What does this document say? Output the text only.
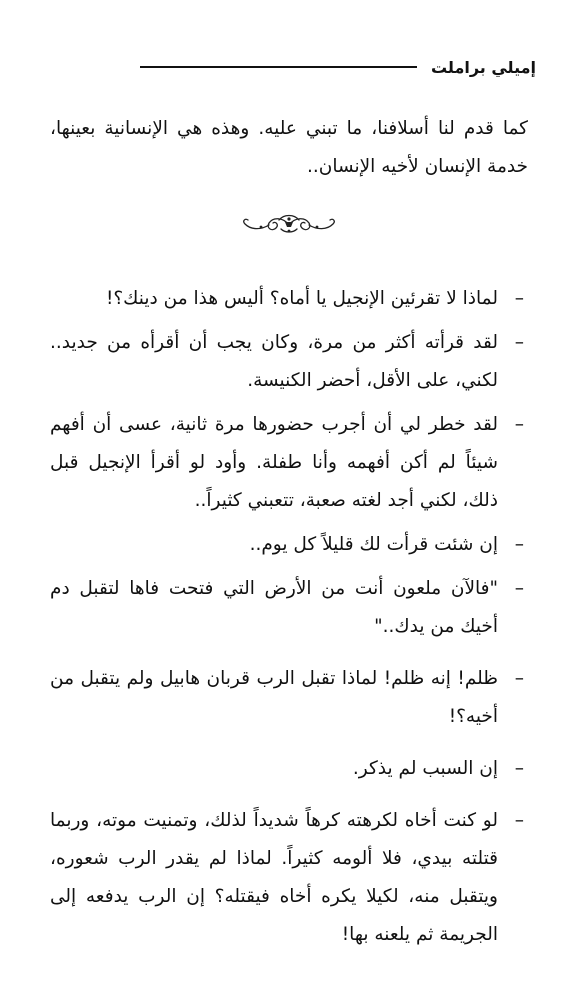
إميلي براملت

كما قدم لنا أسلافنا، ما تبني عليه. وهذه هي الإنسانية بعينها، خدمة الإنسان لأخيه الإنسان..

–
لماذا لا تقرئين الإنجيل يا أماه؟ أليس هذا من دينك؟!
–
لقد قرأته أكثر من مرة، وكان يجب أن أقرأه من جديد.. لكني، على الأقل، أحضر الكنيسة.
–
لقد خطر لي أن أجرب حضورها مرة ثانية، عسى أن أفهم شيئاً لم أكن أفهمه وأنا طفلة. وأود لو أقرأ الإنجيل قبل ذلك، لكني أجد لغته صعبة، تتعبني كثيراً..
–
إن شئت قرأت لك قليلاً كل يوم..
–
"فالآن ملعون أنت من الأرض التي فتحت فاها لتقبل دم أخيك من يدك.."
–
ظلم! إنه ظلم! لماذا تقبل الرب قربان هابيل ولم يتقبل من أخيه؟!
–
إن السبب لم يذكر.
–
لو كنت أخاه لكرهته كرهاً شديداً لذلك، وتمنيت موته، وربما قتلته بيدي، فلا ألومه كثيراً. لماذا لم يقدر الرب شعوره، ويتقبل منه، لكيلا يكره أخاه فيقتله؟ إن الرب يدفعه إلى الجريمة ثم يلعنه بها!
